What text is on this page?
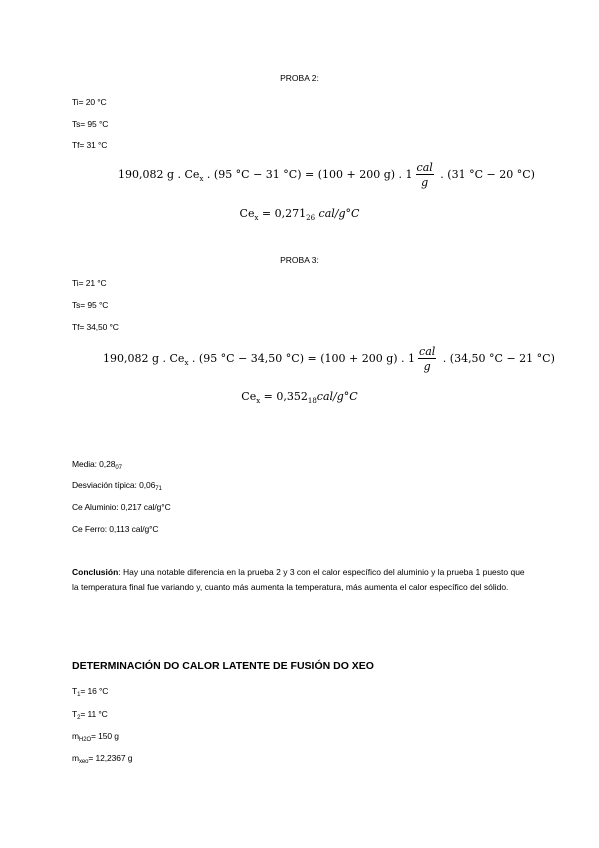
PROBA 2:
Ti= 20 °C
Ts= 95 °C
Tf= 31 °C
190,082 g . $Ce_x$ . (95 °C − 31 °C) = (100 + 200 g) . $1 \frac{\text{cal}}{g}$ . (31 °C − 20 °C)
$Ce_x = 0,271_{26}$ cal/g°C
PROBA 3:
Ti= 21 °C
Ts= 95 °C
Tf= 34,50 °C
190,082 g . $Ce_x$ . (95 °C − 34,50 °C) = (100 + 200 g) . $1 \frac{\text{cal}}{g}$ . (34,50 °C − 21 °C)
$Ce_x = 0,352_{18}cal/g^\circ C$
Media: $0,28_{07}$
Desviación típica: $0,06_{71}$
Ce Aluminio: 0,217 cal/g°C
Ce Ferro: 0,113 cal/g°C
Conclusión: Hay una notable diferencia en la prueba 2 y 3 con el calor específico del aluminio y la prueba 1 puesto que la temperatura final fue variando y, cuanto más aumenta la temperatura, más aumenta el calor específico del sólido.
DETERMINACIÓN DO CALOR LATENTE DE FUSIÓN DO XEO
$T_1= 16$ °C
$T_2= 11$ °C
$m_{H2O}= 150$ g
$m_{xeo}= 12,2367$ g
